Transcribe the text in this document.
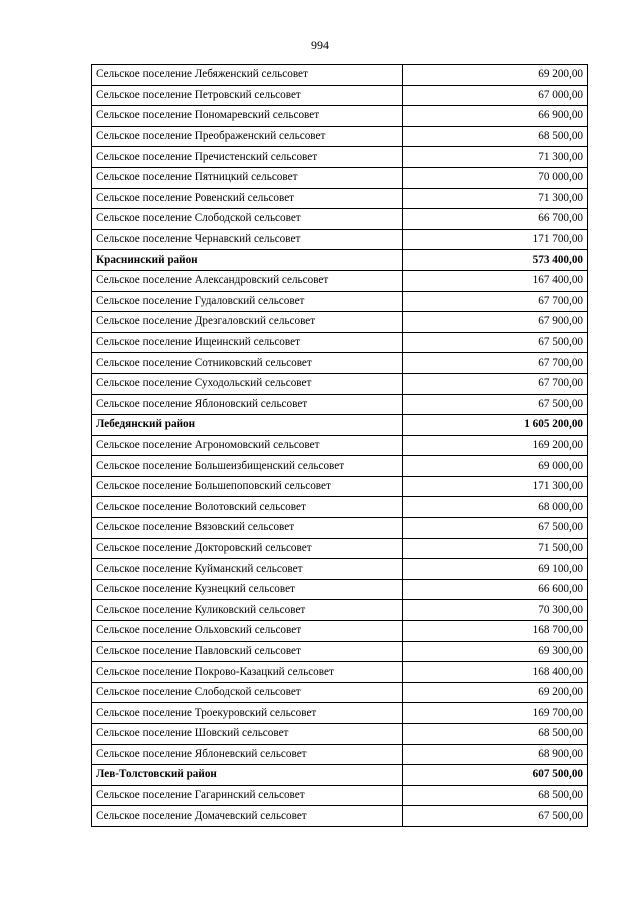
994
Сельское поселение Лебяженский сельсовет	69 200,00
Сельское поселение Петровский сельсовет	67 000,00
Сельское поселение Пономаревский сельсовет	66 900,00
Сельское поселение Преображенский сельсовет	68 500,00
Сельское поселение Пречистенский сельсовет	71 300,00
Сельское поселение Пятницкий сельсовет	70 000,00
Сельское поселение Ровенский сельсовет	71 300,00
Сельское поселение Слободской сельсовет	66 700,00
Сельское поселение Чернавский сельсовет	171 700,00
Краснинский район	573 400,00
Сельское поселение Александровский сельсовет	167 400,00
Сельское поселение Гудаловский сельсовет	67 700,00
Сельское поселение Дрезгаловский сельсовет	67 900,00
Сельское поселение Ищеинский сельсовет	67 500,00
Сельское поселение Сотниковский сельсовет	67 700,00
Сельское поселение Суходольский сельсовет	67 700,00
Сельское поселение Яблоновский сельсовет	67 500,00
Лебедянский район	1 605 200,00
Сельское поселение Агрономовский сельсовет	169 200,00
Сельское поселение Большеизбищенский сельсовет	69 000,00
Сельское поселение Большепоповский сельсовет	171 300,00
Сельское поселение Волотовский сельсовет	68 000,00
Сельское поселение Вязовский сельсовет	67 500,00
Сельское поселение Докторовский сельсовет	71 500,00
Сельское поселение Куйманский сельсовет	69 100,00
Сельское поселение Кузнецкий сельсовет	66 600,00
Сельское поселение Куликовский сельсовет	70 300,00
Сельское поселение Ольховский сельсовет	168 700,00
Сельское поселение Павловский сельсовет	69 300,00
Сельское поселение Покрово-Казацкий сельсовет	168 400,00
Сельское поселение Слободской сельсовет	69 200,00
Сельское поселение Троекуровский сельсовет	169 700,00
Сельское поселение Шовский сельсовет	68 500,00
Сельское поселение Яблоневский сельсовет	68 900,00
Лев-Толстовский район	607 500,00
Сельское поселение Гагаринский сельсовет	68 500,00
Сельское поселение Домачевский сельсовет	67 500,00
